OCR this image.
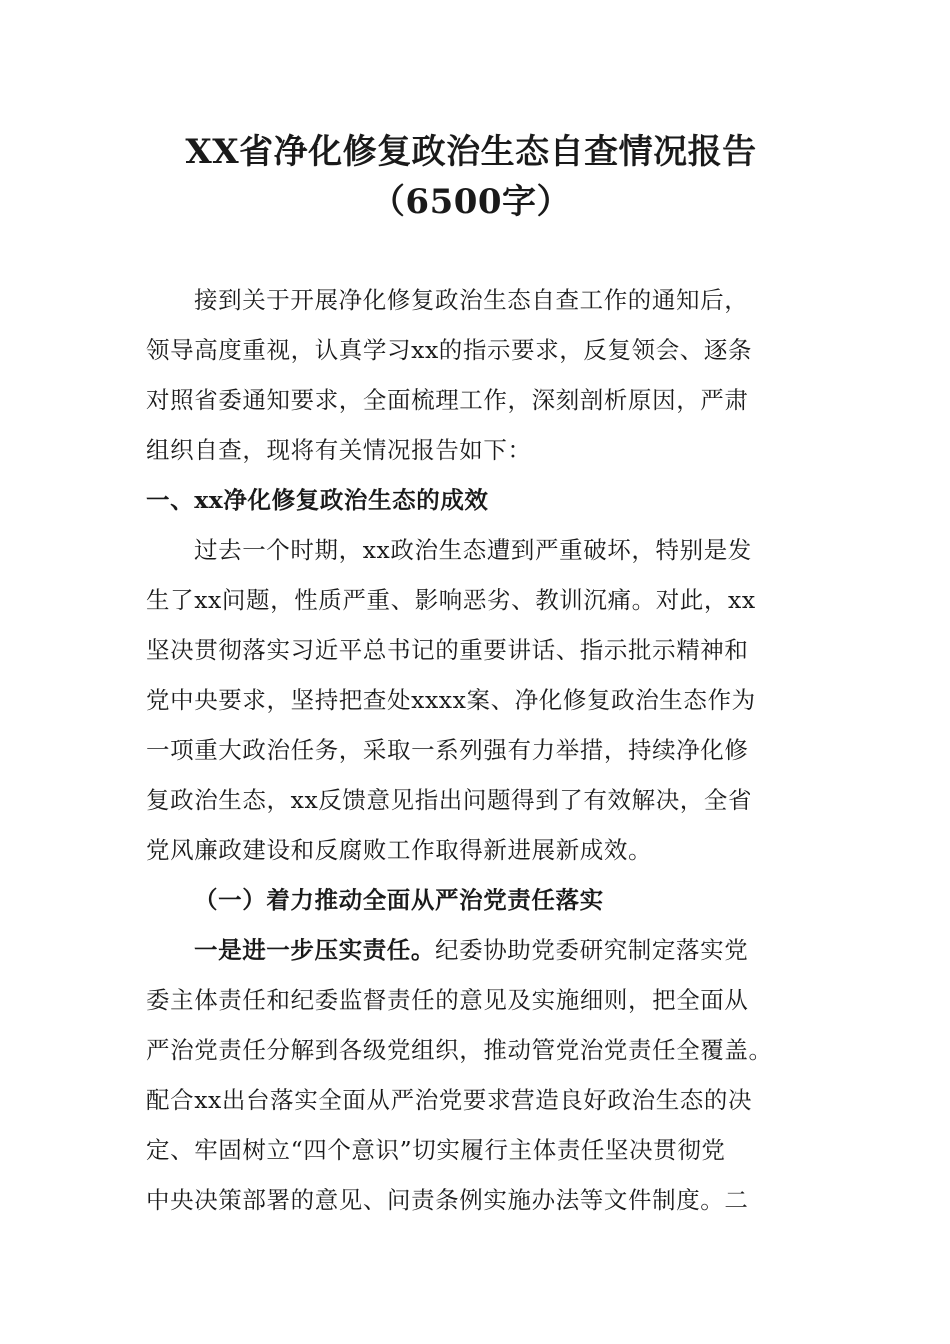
XX省净化修复政治生态自查情况报告
（6500字）
接到关于开展净化修复政治生态自查工作的通知后，
领导高度重视，认真学习xx的指示要求，反复领会、逐条
对照省委通知要求，全面梳理工作，深刻剖析原因，严肃
组织自查，现将有关情况报告如下：
一、xx净化修复政治生态的成效
过去一个时期，xx政治生态遭到严重破坏，特别是发
生了xx问题，性质严重、影响恶劣、教训沉痛。对此，xx
坚决贯彻落实习近平总书记的重要讲话、指示批示精神和
党中央要求，坚持把查处xxxx案、净化修复政治生态作为
一项重大政治任务，采取一系列强有力举措，持续净化修
复政治生态，xx反馈意见指出问题得到了有效解决，全省
党风廉政建设和反腐败工作取得新进展新成效。
（一）着力推动全面从严治党责任落实
一是进一步压实责任。纪委协助党委研究制定落实党
委主体责任和纪委监督责任的意见及实施细则，把全面从
严治党责任分解到各级党组织，推动管党治党责任全覆盖。
配合xx出台落实全面从严治党要求营造良好政治生态的决
定、牢固树立“四个意识”切实履行主体责任坚决贯彻党
中央决策部署的意见、问责条例实施办法等文件制度。二
